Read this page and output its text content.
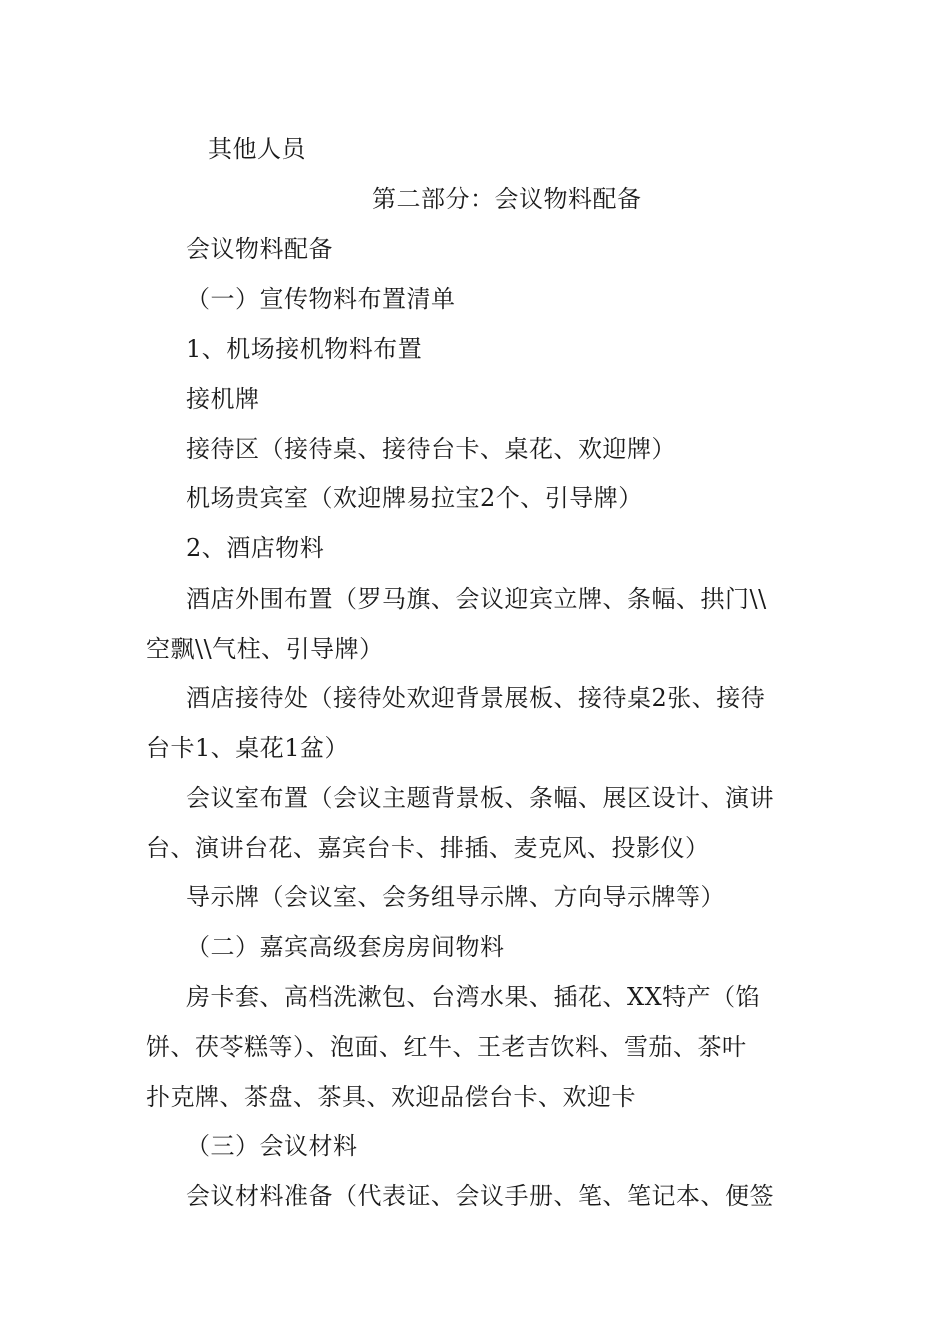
其他人员
第二部分：会议物料配备
会议物料配备
（一）宣传物料布置清单
1、机场接机物料布置
接机牌
接待区（接待桌、接待台卡、桌花、欢迎牌）
机场贵宾室（欢迎牌易拉宝2个、引导牌）
2、酒店物料
酒店外围布置（罗马旗、会议迎宾立牌、条幅、拱门\\
空飘\\气柱、引导牌）
酒店接待处（接待处欢迎背景展板、接待桌2张、接待
台卡1、桌花1盆）
会议室布置（会议主题背景板、条幅、展区设计、演讲
台、演讲台花、嘉宾台卡、排插、麦克风、投影仪）
导示牌（会议室、会务组导示牌、方向导示牌等）
（二）嘉宾高级套房房间物料
房卡套、高档洗漱包、台湾水果、插花、XX特产（馅
饼、茯苓糕等）、泡面、红牛、王老吉饮料、雪茄、茶叶
扑克牌、茶盘、茶具、欢迎品偿台卡、欢迎卡
（三）会议材料
会议材料准备（代表证、会议手册、笔、笔记本、便签
